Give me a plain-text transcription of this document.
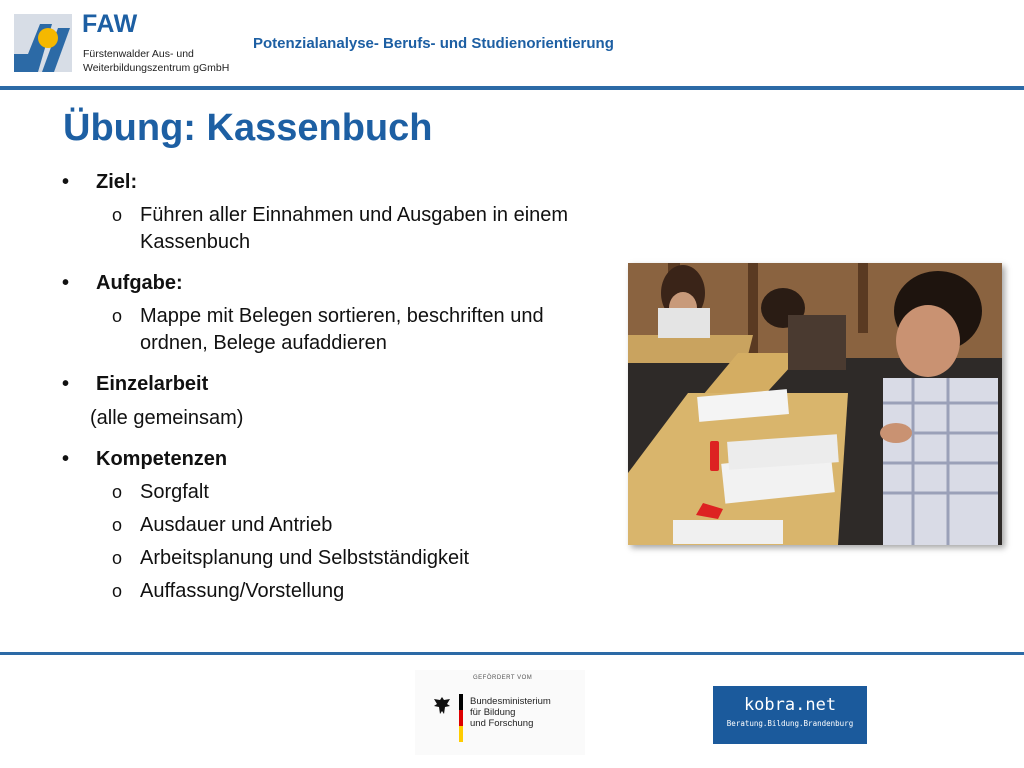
FAW
Fürstenwalder Aus- und
Weiterbildungszentrum gGmbH
Potenzialanalyse- Berufs- und Studienorientierung
Übung: Kassenbuch
• Ziel:
o Führen aller Einnahmen und Ausgaben in einem Kassenbuch
• Aufgabe:
o Mappe mit Belegen sortieren, beschriften und ordnen, Belege aufaddieren
• Einzelarbeit
(alle gemeinsam)
• Kompetenzen
o Sorgfalt
o Ausdauer und Antrieb
o Arbeitsplanung und Selbstständigkeit
o Auffassung/Vorstellung
GEFÖRDERT VOM
Bundesministerium
für Bildung
und Forschung
kobra.net
Beratung.Bildung.Brandenburg
